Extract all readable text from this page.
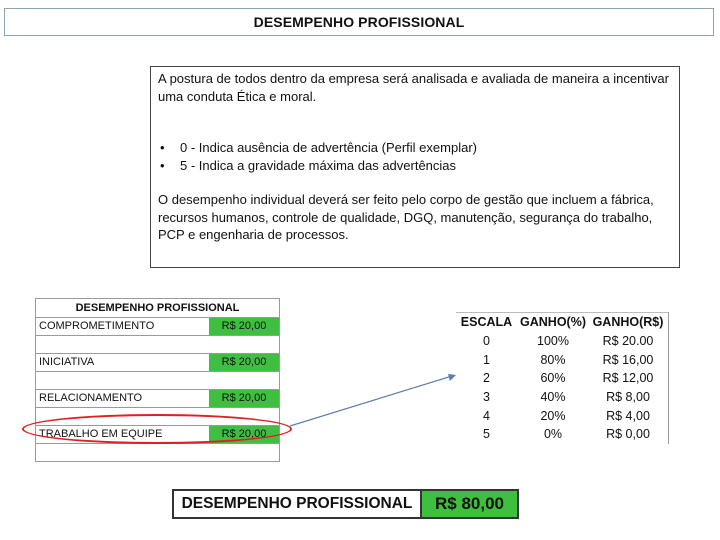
DESEMPENHO PROFISSIONAL

A postura de todos dentro da empresa será analisada e avaliada de maneira a incentivar uma conduta Ética e moral.

•	0 - Indica ausência de advertência (Perfil exemplar)
•	5 - Indica a gravidade máxima das advertências

O desempenho individual deverá ser feito pelo corpo de gestão que incluem a fábrica, recursos humanos, controle de qualidade, DGQ, manutenção, segurança do trabalho, PCP e engenharia de processos.

DESEMPENHO PROFISSIONAL
COMPROMETIMENTO	R$ 20,00
INICIATIVA	R$ 20,00
RELACIONAMENTO	R$ 20,00
TRABALHO EM EQUIPE	R$ 20,00
ESCALA GANHO(%) GANHO(R$)
0	100%	R$ 20.00
1	80%	R$ 16,00
2	60%	R$ 12,00
3	40%	R$ 8,00
4	20%	R$ 4,00
5	0%	R$ 0,00
DESEMPENHO PROFISSIONAL	R$ 80,00
